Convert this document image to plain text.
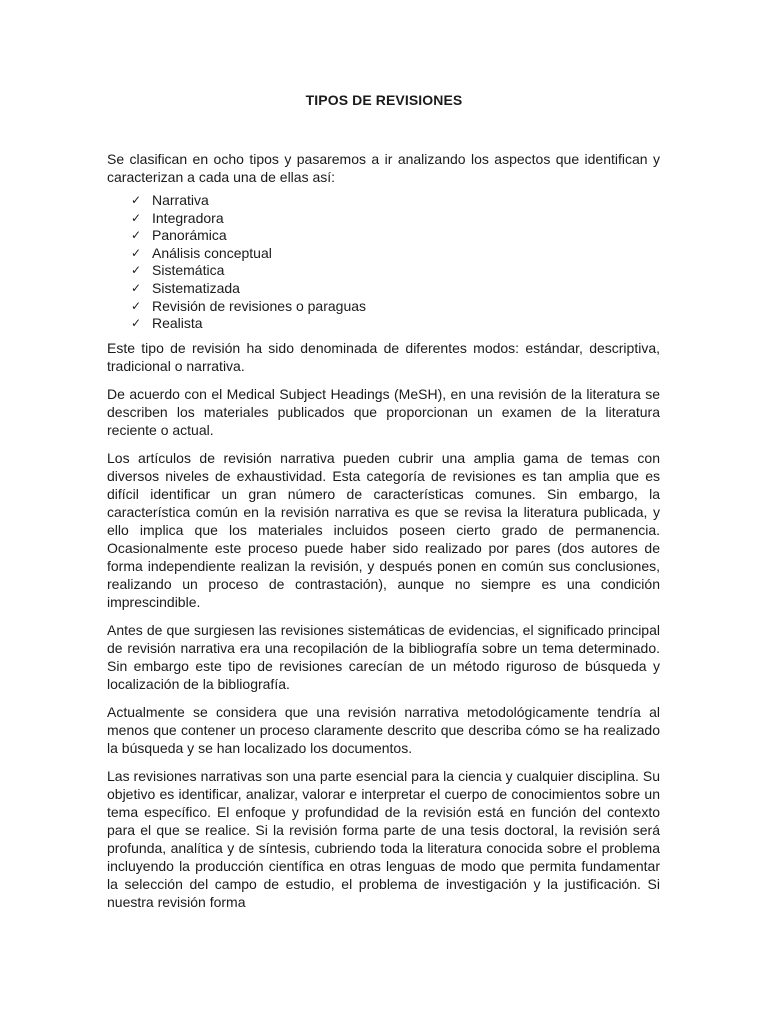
TIPOS DE REVISIONES

Se clasifican en ocho tipos y pasaremos a ir analizando los aspectos que identifican y caracterizan a cada una de ellas así:

✓ Narrativa
✓ Integradora
✓ Panorámica
✓ Análisis conceptual
✓ Sistemática
✓ Sistematizada
✓ Revisión de revisiones o paraguas
✓ Realista

Este tipo de revisión ha sido denominada de diferentes modos: estándar, descriptiva, tradicional o narrativa.

De acuerdo con el Medical Subject Headings (MeSH), en una revisión de la literatura se describen los materiales publicados que proporcionan un examen de la literatura reciente o actual.

Los artículos de revisión narrativa pueden cubrir una amplia gama de temas con diversos niveles de exhaustividad. Esta categoría de revisiones es tan amplia que es difícil identificar un gran número de características comunes. Sin embargo, la característica común en la revisión narrativa es que se revisa la literatura publicada, y ello implica que los materiales incluidos poseen cierto grado de permanencia. Ocasionalmente este proceso puede haber sido realizado por pares (dos autores de forma independiente realizan la revisión, y después ponen en común sus conclusiones, realizando un proceso de contrastación), aunque no siempre es una condición imprescindible.

Antes de que surgiesen las revisiones sistemáticas de evidencias, el significado principal de revisión narrativa era una recopilación de la bibliografía sobre un tema determinado. Sin embargo este tipo de revisiones carecían de un método riguroso de búsqueda y localización de la bibliografía.

Actualmente se considera que una revisión narrativa metodológicamente tendría al menos que contener un proceso claramente descrito que describa cómo se ha realizado la búsqueda y se han localizado los documentos.

Las revisiones narrativas son una parte esencial para la ciencia y cualquier disciplina. Su objetivo es identificar, analizar, valorar e interpretar el cuerpo de conocimientos sobre un tema específico. El enfoque y profundidad de la revisión está en función del contexto para el que se realice. Si la revisión forma parte de una tesis doctoral, la revisión será profunda, analítica y de síntesis, cubriendo toda la literatura conocida sobre el problema incluyendo la producción científica en otras lenguas de modo que permita fundamentar la selección del campo de estudio, el problema de investigación y la justificación. Si nuestra revisión forma
